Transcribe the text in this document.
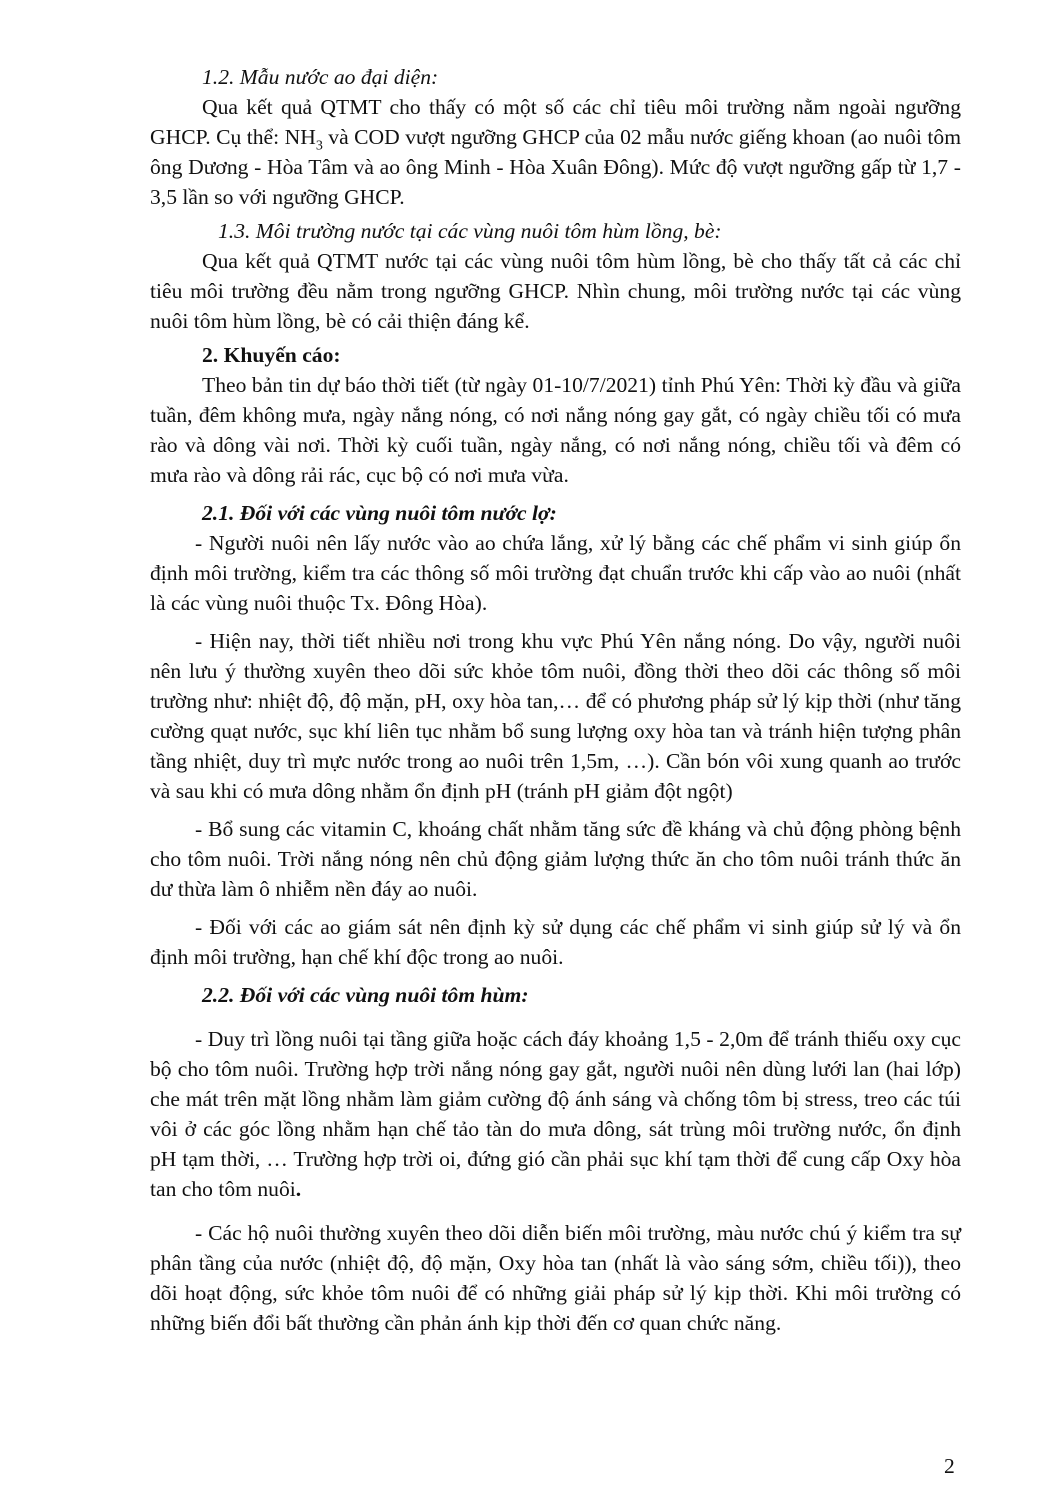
1.2. Mẫu nước ao đại diện:

Qua kết quả QTMT cho thấy có một số các chỉ tiêu môi trường nằm ngoài ngưỡng GHCP. Cụ thể: $NH_3$ và COD vượt ngưỡng GHCP của 02 mẫu nước giếng khoan (ao nuôi tôm ông Dương - Hòa Tâm và ao ông Minh - Hòa Xuân Đông). Mức độ vượt ngưỡng gấp từ 1,7 - 3,5 lần so với ngưỡng GHCP.

1.3. Môi trường nước tại các vùng nuôi tôm hùm lồng, bè:

Qua kết quả QTMT nước tại các vùng nuôi tôm hùm lồng, bè cho thấy tất cả các chỉ tiêu môi trường đều nằm trong ngưỡng GHCP. Nhìn chung, môi trường nước tại các vùng nuôi tôm hùm lồng, bè có cải thiện đáng kể.

2. Khuyến cáo:

Theo bản tin dự báo thời tiết (từ ngày 01-10/7/2021) tỉnh Phú Yên: Thời kỳ đầu và giữa tuần, đêm không mưa, ngày nắng nóng, có nơi nắng nóng gay gắt, có ngày chiều tối có mưa rào và dông vài nơi. Thời kỳ cuối tuần, ngày nắng, có nơi nắng nóng, chiều tối và đêm có mưa rào và dông rải rác, cục bộ có nơi mưa vừa.

2.1. Đối với các vùng nuôi tôm nước lợ:

- Người nuôi nên lấy nước vào ao chứa lắng, xử lý bằng các chế phẩm vi sinh giúp ổn định môi trường, kiểm tra các thông số môi trường đạt chuẩn trước khi cấp vào ao nuôi (nhất là các vùng nuôi thuộc Tx. Đông Hòa).

- Hiện nay, thời tiết nhiều nơi trong khu vực Phú Yên nắng nóng. Do vậy, người nuôi nên lưu ý thường xuyên theo dõi sức khỏe tôm nuôi, đồng thời theo dõi các thông số môi trường như: nhiệt độ, độ mặn, pH, oxy hòa tan,… để có phương pháp sử lý kịp thời (như tăng cường quạt nước, sục khí liên tục nhằm bổ sung lượng oxy hòa tan và tránh hiện tượng phân tầng nhiệt, duy trì mực nước trong ao nuôi trên 1,5m, …). Cần bón vôi xung quanh ao trước và sau khi có mưa dông nhằm ổn định pH (tránh pH giảm đột ngột)

- Bổ sung các vitamin C, khoáng chất nhằm tăng sức đề kháng và chủ động phòng bệnh cho tôm nuôi. Trời nắng nóng nên chủ động giảm lượng thức ăn cho tôm nuôi tránh thức ăn dư thừa làm ô nhiễm nền đáy ao nuôi.

- Đối với các ao giám sát nên định kỳ sử dụng các chế phẩm vi sinh giúp sử lý và ổn định môi trường, hạn chế khí độc trong ao nuôi.

2.2. Đối với các vùng nuôi tôm hùm:

- Duy trì lồng nuôi tại tầng giữa hoặc cách đáy khoảng 1,5 - 2,0m để tránh thiếu oxy cục bộ cho tôm nuôi. Trường hợp trời nắng nóng gay gắt, người nuôi nên dùng lưới lan (hai lớp) che mát trên mặt lồng nhằm làm giảm cường độ ánh sáng và chống tôm bị stress, treo các túi vôi ở các góc lồng nhằm hạn chế tảo tàn do mưa dông, sát trùng môi trường nước, ổn định pH tạm thời, … Trường hợp trời oi, đứng gió cần phải sục khí tạm thời để cung cấp Oxy hòa tan cho tôm nuôi.

- Các hộ nuôi thường xuyên theo dõi diễn biến môi trường, màu nước chú ý kiểm tra sự phân tầng của nước (nhiệt độ, độ mặn, Oxy hòa tan (nhất là vào sáng sớm, chiều tối)), theo dõi hoạt động, sức khỏe tôm nuôi để có những giải pháp sử lý kịp thời. Khi môi trường có những biến đổi bất thường cần phản ánh kịp thời đến cơ quan chức năng.

2
